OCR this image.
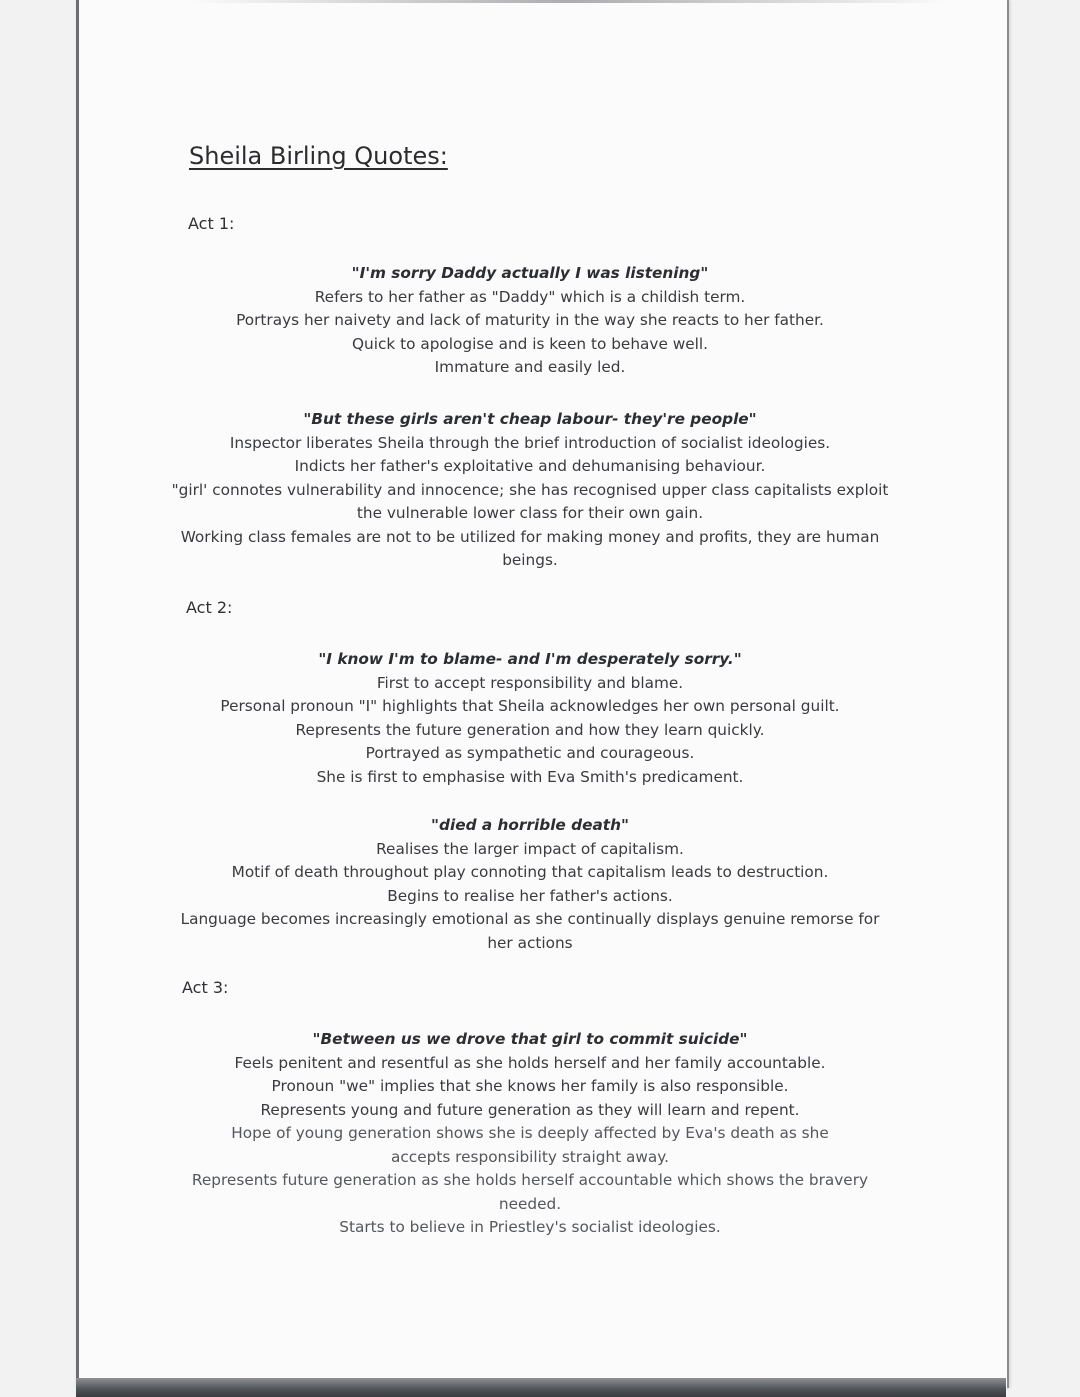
Sheila Birling Quotes:
Act 1:
"I'm sorry Daddy actually I was listening"
Refers to her father as "Daddy" which is a childish term.
Portrays her naivety and lack of maturity in the way she reacts to her father.
Quick to apologise and is keen to behave well.
Immature and easily led.
"But these girls aren't cheap labour- they're people"
Inspector liberates Sheila through the brief introduction of socialist ideologies.
Indicts her father's exploitative and dehumanising behaviour.
"girl' connotes vulnerability and innocence; she has recognised upper class capitalists exploit the vulnerable lower class for their own gain.
Working class females are not to be utilized for making money and profits, they are human beings.
Act 2:
"I know I'm to blame- and I'm desperately sorry."
First to accept responsibility and blame.
Personal pronoun "I" highlights that Sheila acknowledges her own personal guilt.
Represents the future generation and how they learn quickly.
Portrayed as sympathetic and courageous.
She is first to emphasise with Eva Smith's predicament.
"died a horrible death"
Realises the larger impact of capitalism.
Motif of death throughout play connoting that capitalism leads to destruction.
Begins to realise her father's actions.
Language becomes increasingly emotional as she continually displays genuine remorse for her actions
Act 3:
"Between us we drove that girl to commit suicide"
Feels penitent and resentful as she holds herself and her family accountable.
Pronoun "we" implies that she knows her family is also responsible.
Represents young and future generation as they will learn and repent.
Hope of young generation shows she is deeply affected by Eva's death as she accepts responsibility straight away.
Represents future generation as she holds herself accountable which shows the bravery needed.
Starts to believe in Priestley's socialist ideologies.
